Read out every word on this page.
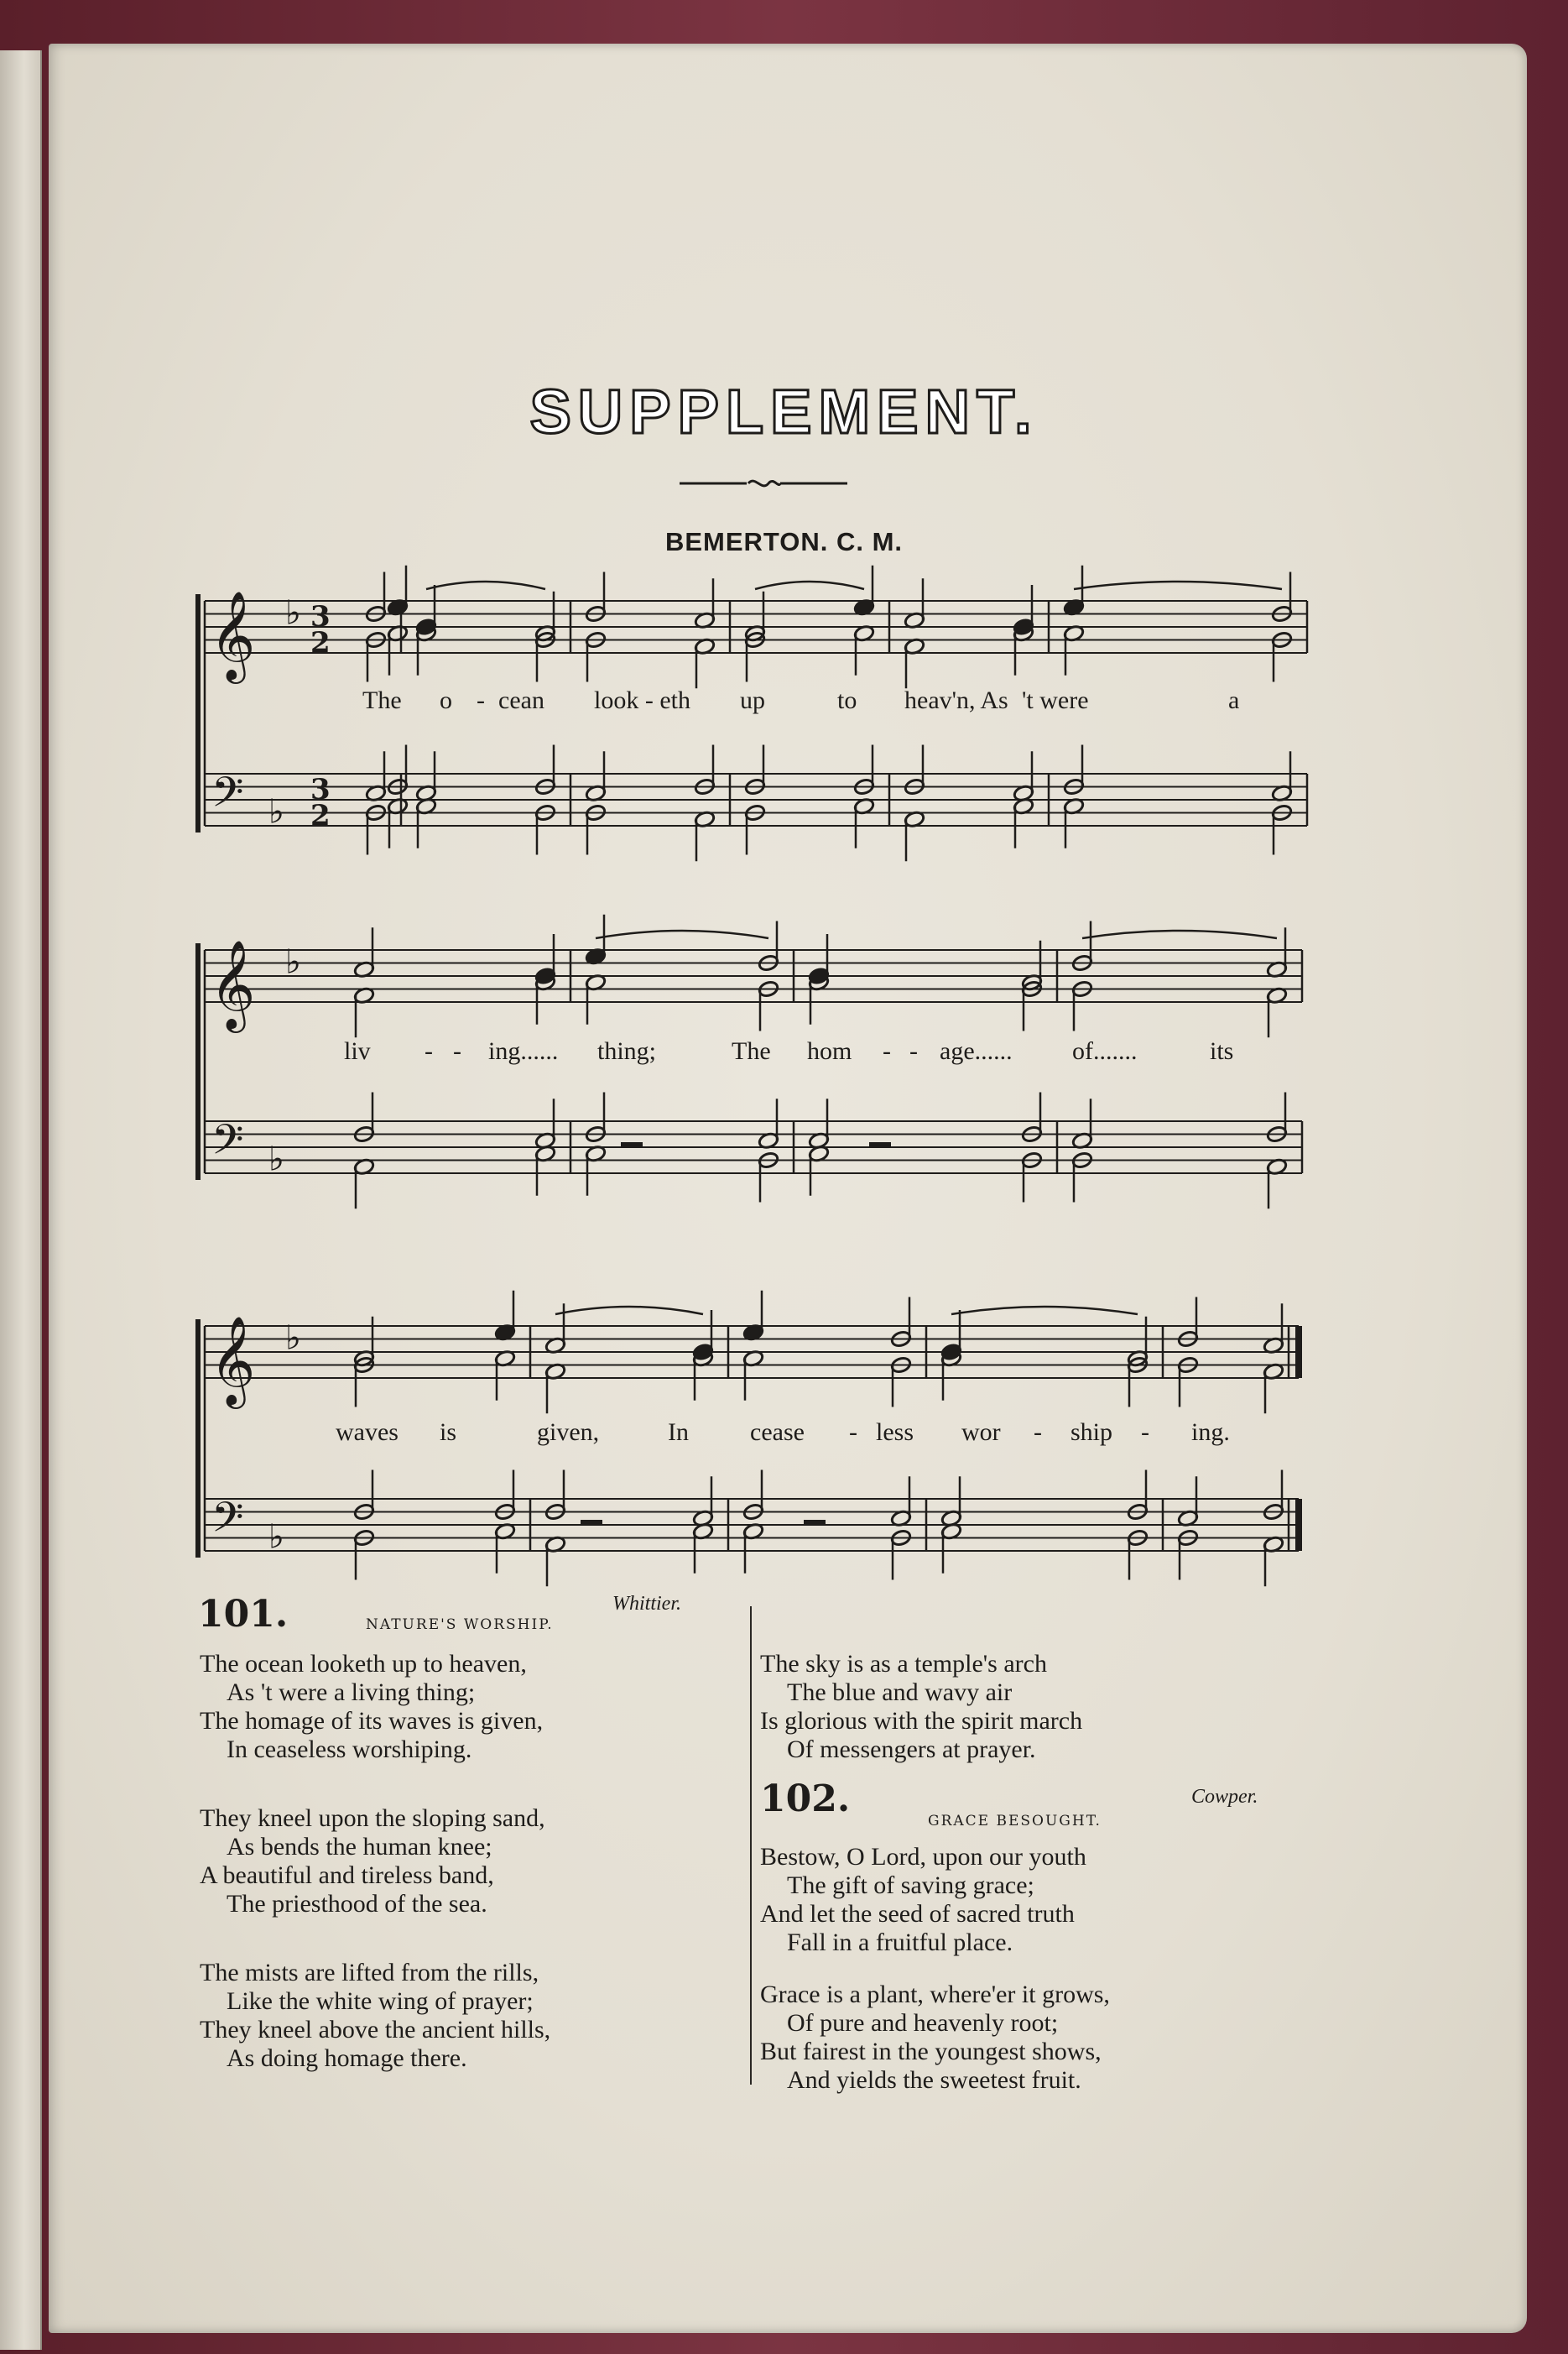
SUPPLEMENT.
BEMERTON. C. M.
𝄞
𝄢
♭
♭
3
2
3
2
𝄞
𝄢
♭
♭
𝄞
𝄢
♭
♭
The o - cean look - eth up	to heav'n, As 't were	a
liv - - ing...... thing;	The hom - - age...... of.......	its
waves is	given,	In cease - less wor - ship - ing.
101.	NATURE'S WORSHIP.
Whittier.
The ocean looketh up to heaven,
As 't were a living thing;
The homage of its waves is given,
In ceaseless worshiping.
They kneel upon the sloping sand,
As bends the human knee;
A beautiful and tireless band,
The priesthood of the sea.
The mists are lifted from the rills,
Like the white wing of prayer;
They kneel above the ancient hills,
As doing homage there.
The sky is as a temple's arch
The blue and wavy air
Is glorious with the spirit march
Of messengers at prayer.
102.
GRACE BESOUGHT.
Cowper.
Bestow, O Lord, upon our youth
The gift of saving grace;
And let the seed of sacred truth
Fall in a fruitful place.
Grace is a plant, where'er it grows,
Of pure and heavenly root;
But fairest in the youngest shows,
And yields the sweetest fruit.
